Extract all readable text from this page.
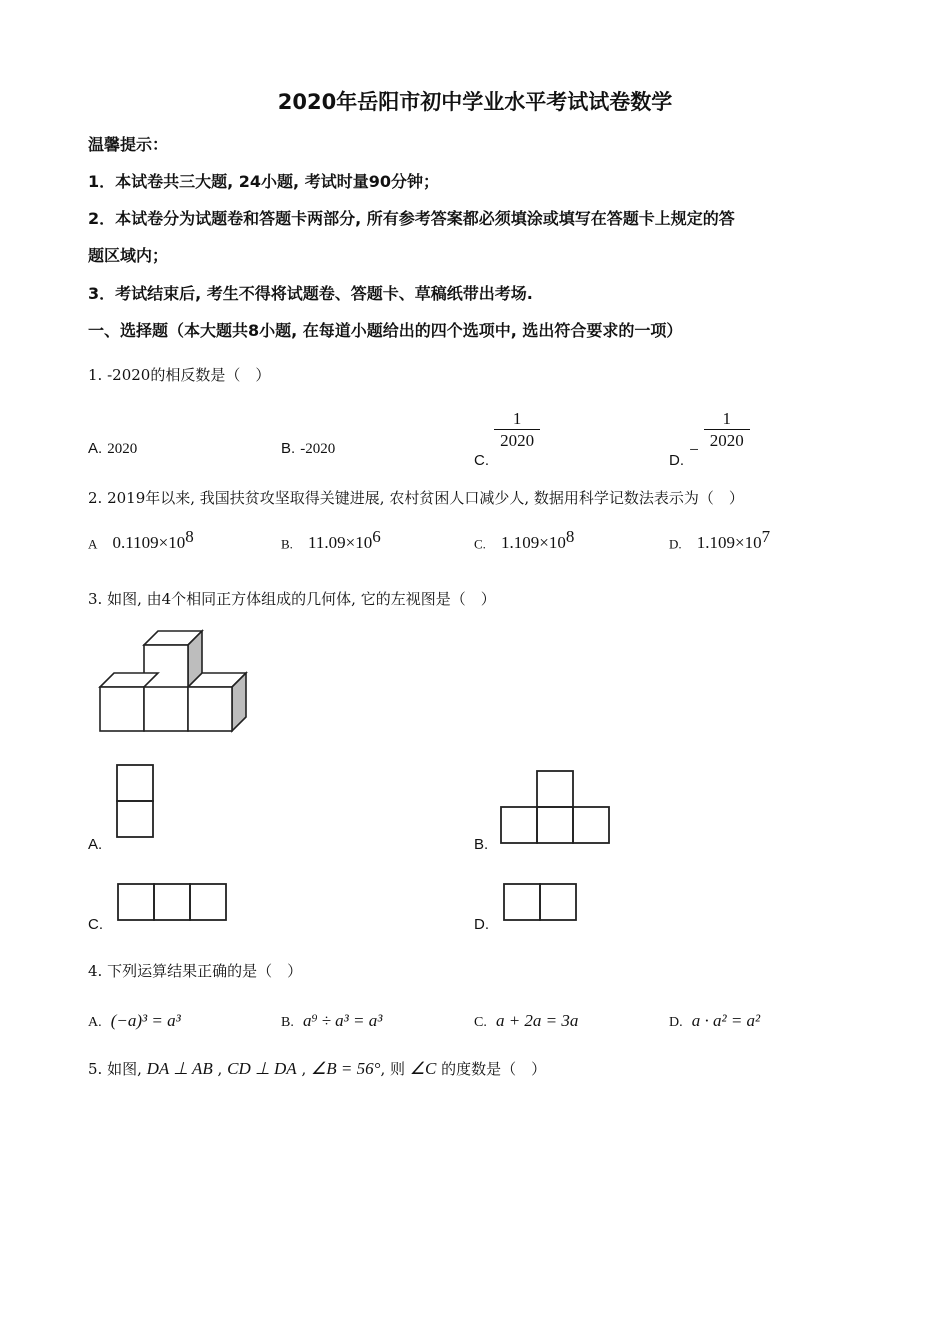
2020年岳阳市初中学业水平考试试卷数学
温馨提示：
1．本试卷共三大题, 24小题, 考试时量90分钟；
2．本试卷分为试题卷和答题卡两部分, 所有参考答案都必须填涂或填写在答题卡上规定的答
题区域内；
3．考试结束后, 考生不得将试题卷、答题卡、草稿纸带出考场.
一、选择题（本大题共8小题, 在每道小题给出的四个选项中, 选出符合要求的一项）
1. -2020的相反数是（　）
A. 2020	B. -2020
C.
$\frac{1}{2020}$
D. − $\frac{1}{2020}$
2. 2019年以来, 我国扶贫攻坚取得关键进展, 农村贫困人口减少人, 数据用科学记数法表示为（　）
A $0.1109\times 10^8$	B. $11.09\times 10^6$	C. $1.109\times 10^8$	D. $1.109\times 10^7$
3. 如图, 由4个相同正方体组成的几何体, 它的左视图是（　）
A.	B.
C.	D.
4. 下列运算结果正确的是（　）
A. (−a)³ = a³	B. a⁹ ÷ a³ = a³	C. a + 2a = 3a	D. a · a² = a²
5. 如图, DA ⊥ AB , CD ⊥ DA , ∠B = 56°, 则 ∠C 的度数是（　）
